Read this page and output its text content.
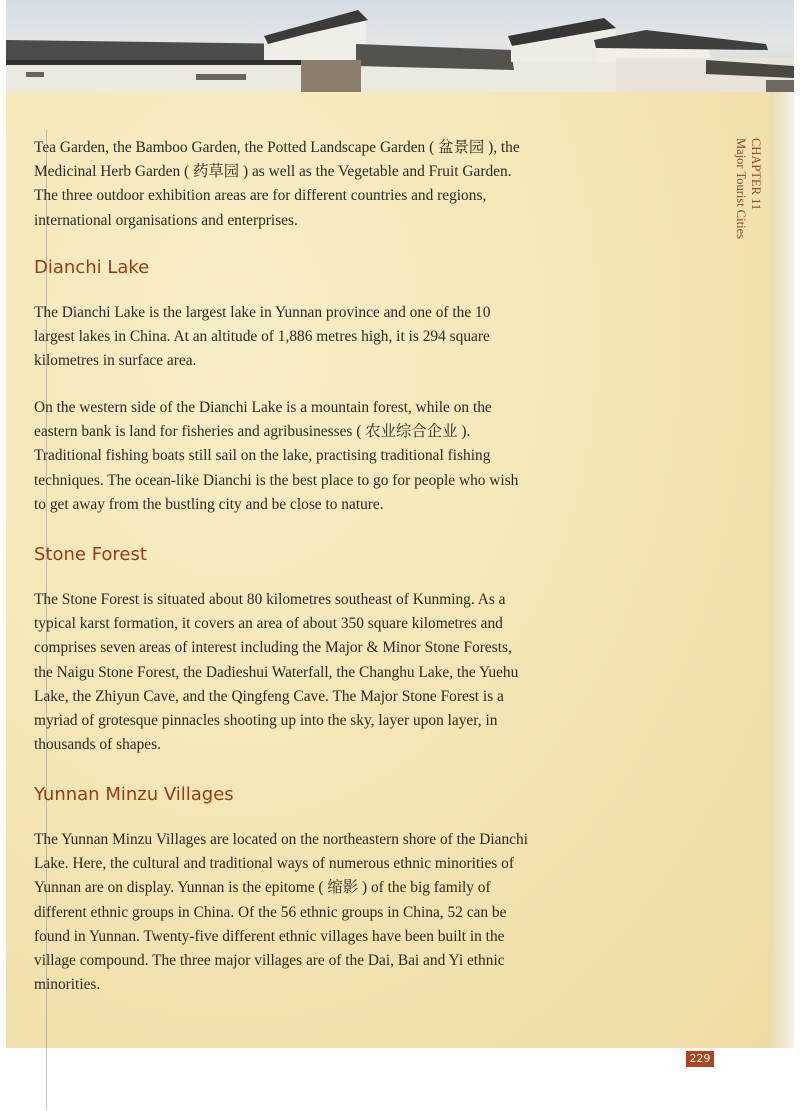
CHAPTER 11
Major Tourist Cities

Tea Garden, the Bamboo Garden, the Potted Landscape Garden ( 盆景园 ), the Medicinal Herb Garden ( 药草园 ) as well as the Vegetable and Fruit Garden. The three outdoor exhibition areas are for different countries and regions, international organisations and enterprises.

Dianchi Lake

The Dianchi Lake is the largest lake in Yunnan province and one of the 10 largest lakes in China. At an altitude of 1,886 metres high, it is 294 square kilometres in surface area.

On the western side of the Dianchi Lake is a mountain forest, while on the eastern bank is land for fisheries and agribusinesses ( 农业综合企业 ). Traditional fishing boats still sail on the lake, practising traditional fishing techniques. The ocean-like Dianchi is the best place to go for people who wish to get away from the bustling city and be close to nature.

Stone Forest

The Stone Forest is situated about 80 kilometres southeast of Kunming. As a typical karst formation, it covers an area of about 350 square kilometres and comprises seven areas of interest including the Major & Minor Stone Forests, the Naigu Stone Forest, the Dadieshui Waterfall, the Changhu Lake, the Yuehu Lake, the Zhiyun Cave, and the Qingfeng Cave. The Major Stone Forest is a myriad of grotesque pinnacles shooting up into the sky, layer upon layer, in thousands of shapes.

Yunnan Minzu Villages

The Yunnan Minzu Villages are located on the northeastern shore of the Dianchi Lake. Here, the cultural and traditional ways of numerous ethnic minorities of Yunnan are on display. Yunnan is the epitome ( 缩影 ) of the big family of different ethnic groups in China. Of the 56 ethnic groups in China, 52 can be found in Yunnan. Twenty-five different ethnic villages have been built in the village compound. The three major villages are of the Dai, Bai and Yi ethnic minorities.

229
